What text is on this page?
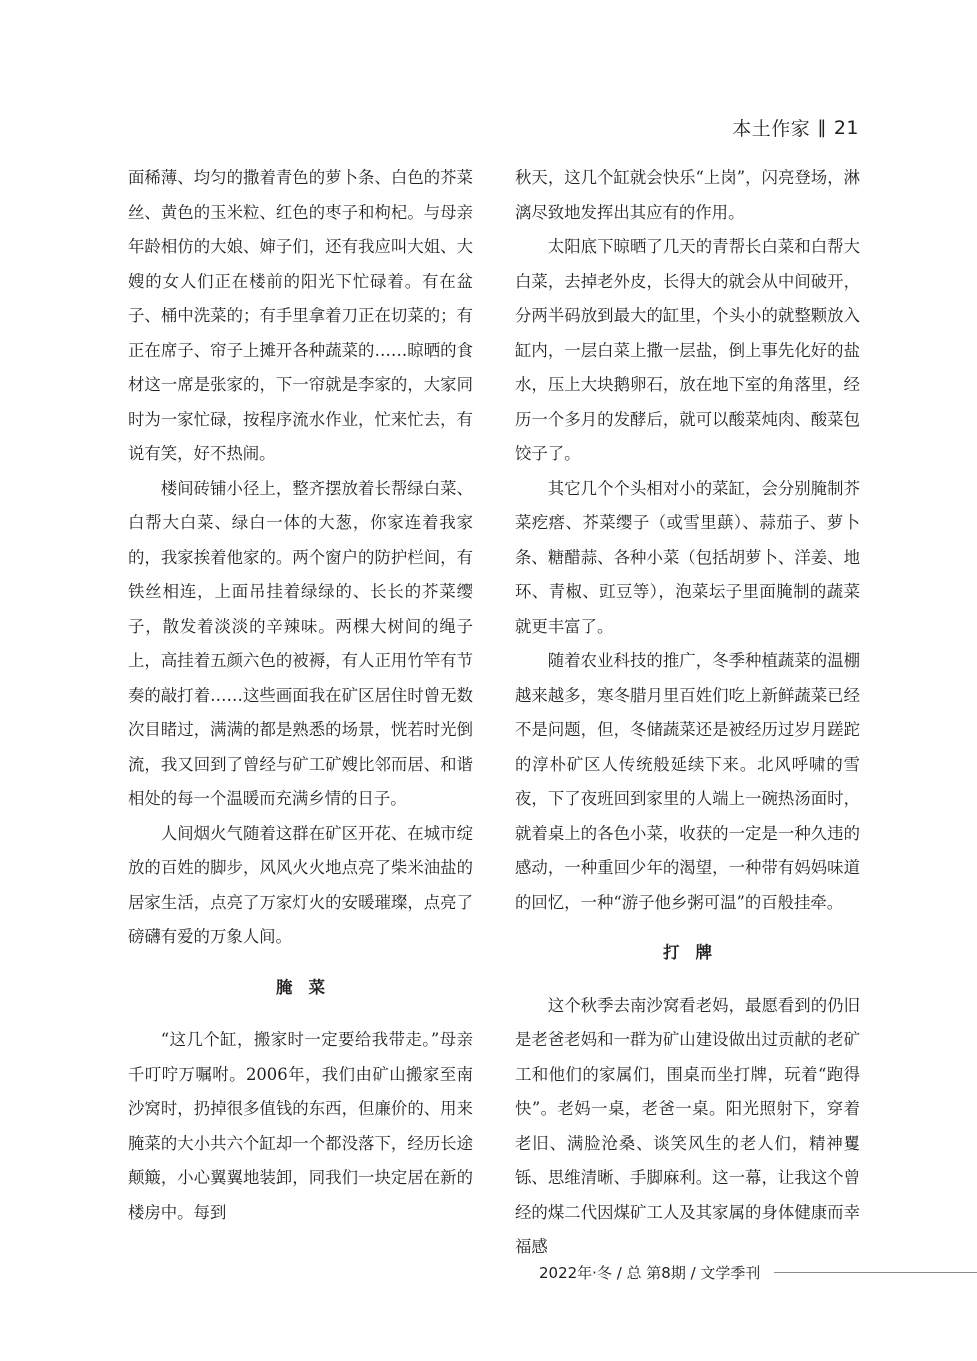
本土作家 ‖ 21

面稀薄、均匀的撒着青色的萝卜条、白色的芥菜丝、黄色的玉米粒、红色的枣子和枸杞。与母亲年龄相仿的大娘、婶子们，还有我应叫大姐、大嫂的女人们正在楼前的阳光下忙碌着。有在盆子、桶中洗菜的；有手里拿着刀正在切菜的；有正在席子、帘子上摊开各种蔬菜的……晾晒的食材这一席是张家的，下一帘就是李家的，大家同时为一家忙碌，按程序流水作业，忙来忙去，有说有笑，好不热闹。

楼间砖铺小径上，整齐摆放着长帮绿白菜、白帮大白菜、绿白一体的大葱，你家连着我家的，我家挨着他家的。两个窗户的防护栏间，有铁丝相连，上面吊挂着绿绿的、长长的芥菜缨子，散发着淡淡的辛辣味。两棵大树间的绳子上，高挂着五颜六色的被褥，有人正用竹竿有节奏的敲打着……这些画面我在矿区居住时曾无数次目睹过，满满的都是熟悉的场景，恍若时光倒流，我又回到了曾经与矿工矿嫂比邻而居、和谐相处的每一个温暖而充满乡情的日子。

人间烟火气随着这群在矿区开花、在城市绽放的百姓的脚步，风风火火地点亮了柴米油盐的居家生活，点亮了万家灯火的安暖璀璨，点亮了磅礴有爱的万象人间。

腌菜

“这几个缸，搬家时一定要给我带走。”母亲千叮咛万嘱咐。2006年，我们由矿山搬家至南沙窝时，扔掉很多值钱的东西，但廉价的、用来腌菜的大小共六个缸却一个都没落下，经历长途颠簸，小心翼翼地装卸，同我们一块定居在新的楼房中。每到

秋天，这几个缸就会快乐“上岗”，闪亮登场，淋漓尽致地发挥出其应有的作用。

太阳底下晾晒了几天的青帮长白菜和白帮大白菜，去掉老外皮，长得大的就会从中间破开，分两半码放到最大的缸里，个头小的就整颗放入缸内，一层白菜上撒一层盐，倒上事先化好的盐水，压上大块鹅卵石，放在地下室的角落里，经历一个多月的发酵后，就可以酸菜炖肉、酸菜包饺子了。

其它几个个头相对小的菜缸，会分别腌制芥菜疙瘩、芥菜缨子（或雪里蕻）、蒜茄子、萝卜条、糖醋蒜、各种小菜（包括胡萝卜、洋姜、地环、青椒、豇豆等），泡菜坛子里面腌制的蔬菜就更丰富了。

随着农业科技的推广，冬季种植蔬菜的温棚越来越多，寒冬腊月里百姓们吃上新鲜蔬菜已经不是问题，但，冬储蔬菜还是被经历过岁月蹉跎的淳朴矿区人传统般延续下来。北风呼啸的雪夜，下了夜班回到家里的人端上一碗热汤面时，就着桌上的各色小菜，收获的一定是一种久违的感动，一种重回少年的渴望，一种带有妈妈味道的回忆，一种“游子他乡粥可温”的百般挂牵。

打牌

这个秋季去南沙窝看老妈，最愿看到的仍旧是老爸老妈和一群为矿山建设做出过贡献的老矿工和他们的家属们，围桌而坐打牌，玩着“跑得快”。老妈一桌，老爸一桌。阳光照射下，穿着老旧、满脸沧桑、谈笑风生的老人们，精神矍铄、思维清晰、手脚麻利。这一幕，让我这个曾经的煤二代因煤矿工人及其家属的身体健康而幸福感

2022年·冬 / 总 第8期 / 文学季刊
